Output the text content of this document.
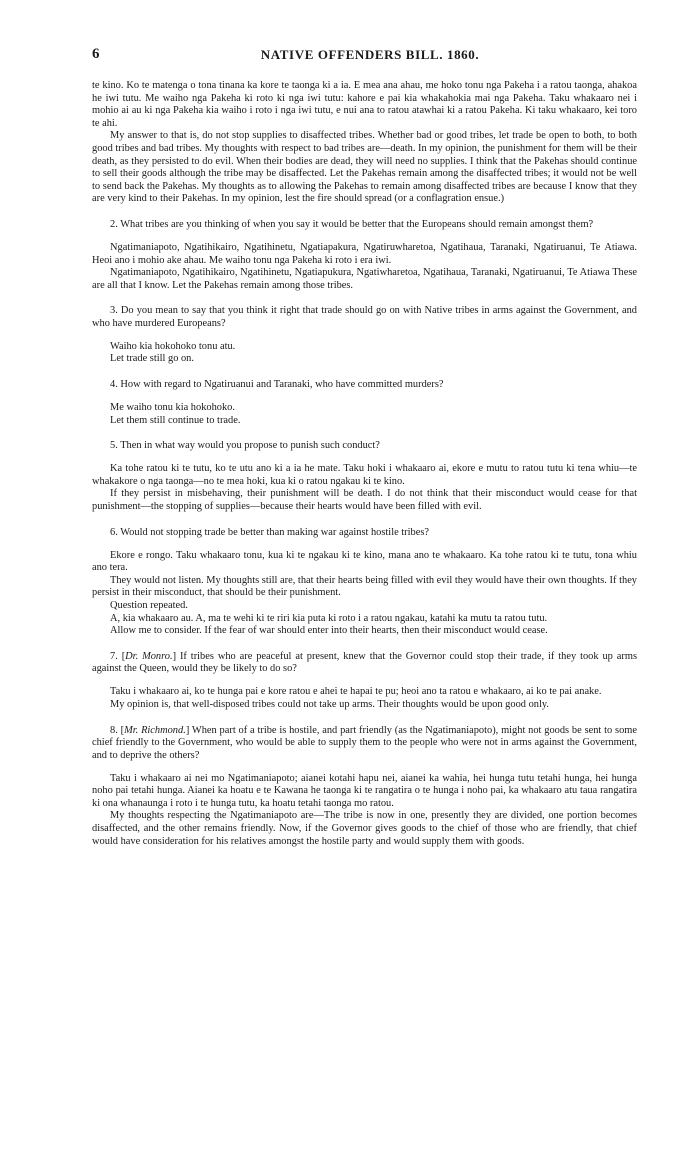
6	NATIVE OFFENDERS BILL. 1860.

te kino. Ko te matenga o tona tinana ka kore te taonga ki a ia. E mea ana ahau, me hoko tonu nga Pakeha i a ratou taonga, ahakoa he iwi tutu. Me waiho nga Pakeha ki roto ki nga iwi tutu: kahore e pai kia whakahokia mai nga Pakeha. Taku whakaaro nei i mohio ai au ki nga Pakeha kia waiho i roto i nga iwi tutu, e nui ana to ratou atawhai ki a ratou Pakeha. Ki taku whakaaro, kei toro te ahi.

My answer to that is, do not stop supplies to disaffected tribes. Whether bad or good tribes, let trade be open to both, to both good tribes and bad tribes. My thoughts with respect to bad tribes are—death. In my opinion, the punishment for them will be their death, as they persisted to do evil. When their bodies are dead, they will need no supplies. I think that the Pakehas should continue to sell their goods although the tribe may be disaffected. Let the Pakehas remain among the disaffected tribes; it would not be well to send back the Pakehas. My thoughts as to allowing the Pakehas to remain among disaffected tribes are because I know that they are very kind to their Pakehas. In my opinion, lest the fire should spread (or a conflagration ensue.)

2. What tribes are you thinking of when you say it would be better that the Europeans should remain amongst them?

Ngatimaniapoto, Ngatihikairo, Ngatihinetu, Ngatiapakura, Ngatiruwharetoa, Ngatihaua, Taranaki, Ngatiruanui, Te Atiawa. Heoi ano i mohio ake ahau. Me waiho tonu nga Pakeha ki roto i era iwi.

Ngatimaniapoto, Ngatihikairo, Ngatihinetu, Ngatiapukura, Ngatiwharetoa, Ngatihaua, Taranaki, Ngatiruanui, Te Atiawa These are all that I know. Let the Pakehas remain among those tribes.

3. Do you mean to say that you think it right that trade should go on with Native tribes in arms against the Government, and who have murdered Europeans?

Waiho kia hokohoko tonu atu.

Let trade still go on.

4. How with regard to Ngatiruanui and Taranaki, who have committed murders?

Me waiho tonu kia hokohoko.

Let them still continue to trade.

5. Then in what way would you propose to punish such conduct?

Ka tohe ratou ki te tutu, ko te utu ano ki a ia he mate. Taku hoki i whakaaro ai, ekore e mutu to ratou tutu ki tena whiu—te whakakore o nga taonga—no te mea hoki, kua ki o ratou ngakau ki te kino.

If they persist in misbehaving, their punishment will be death. I do not think that their misconduct would cease for that punishment—the stopping of supplies—because their hearts would have been filled with evil.

6. Would not stopping trade be better than making war against hostile tribes?

Ekore e rongo. Taku whakaaro tonu, kua ki te ngakau ki te kino, mana ano te whakaaro. Ka tohe ratou ki te tutu, tona whiu ano tera.

They would not listen. My thoughts still are, that their hearts being filled with evil they would have their own thoughts. If they persist in their misconduct, that should be their punishment.

Question repeated.

A, kia whakaaro au. A, ma te wehi ki te riri kia puta ki roto i a ratou ngakau, katahi ka mutu ta ratou tutu.

Allow me to consider. If the fear of war should enter into their hearts, then their misconduct would cease.

7. [Dr. Monro.] If tribes who are peaceful at present, knew that the Governor could stop their trade, if they took up arms against the Queen, would they be likely to do so?

Taku i whakaaro ai, ko te hunga pai e kore ratou e ahei te hapai te pu; heoi ano ta ratou e whakaaro, ai ko te pai anake.

My opinion is, that well-disposed tribes could not take up arms. Their thoughts would be upon good only.

8. [Mr. Richmond.] When part of a tribe is hostile, and part friendly (as the Ngatimaniapoto), might not goods be sent to some chief friendly to the Government, who would be able to supply them to the people who were not in arms against the Government, and to deprive the others?

Taku i whakaaro ai nei mo Ngatimaniapoto; aianei kotahi hapu nei, aianei ka wahia, hei hunga tutu tetahi hunga, hei hunga noho pai tetahi hunga. Aianei ka hoatu e te Kawana he taonga ki te rangatira o te hunga i noho pai, ka whakaaro atu taua rangatira ki ona whanaunga i roto i te hunga tutu, ka hoatu tetahi taonga mo ratou.

My thoughts respecting the Ngatimaniapoto are—The tribe is now in one, presently they are divided, one portion becomes disaffected, and the other remains friendly. Now, if the Governor gives goods to the chief of those who are friendly, that chief would have consideration for his relatives amongst the hostile party and would supply them with goods.
